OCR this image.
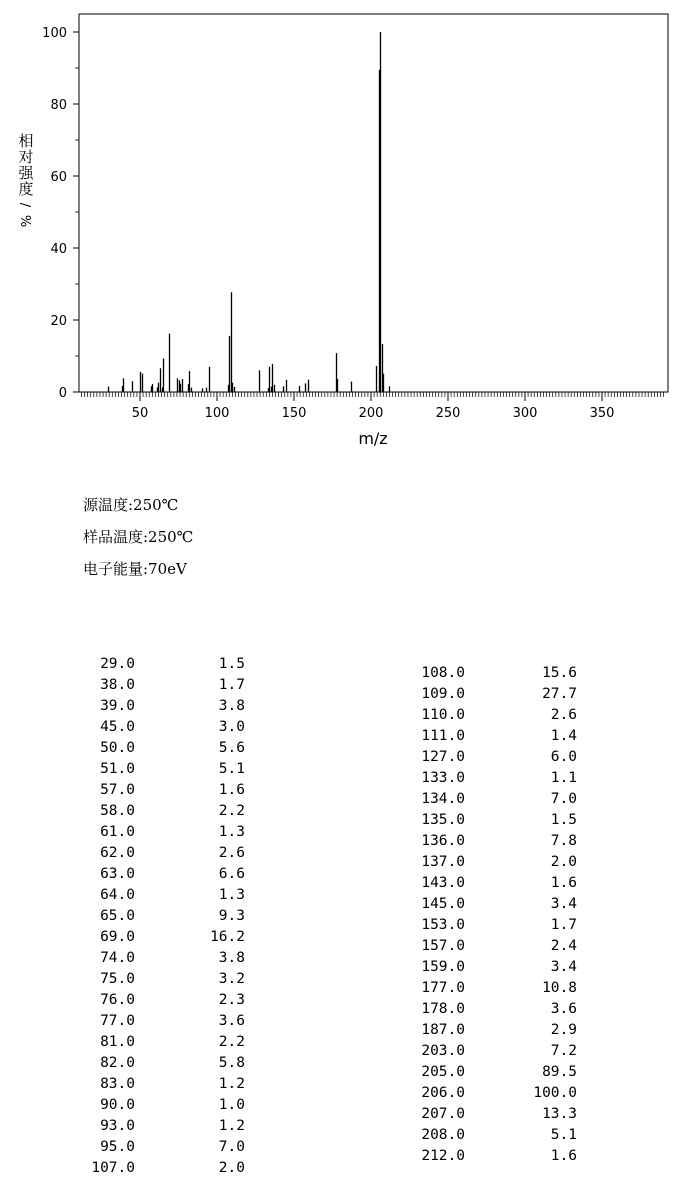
0
20
40
60
80
100
50	100	150	200	250	300	350
m/z
相
对
强
度
/
%
源温度:250℃
样品温度:250℃
电子能量:70eV
29.0	1.5
38.0	1.7
39.0	3.8
45.0	3.0
50.0	5.6
51.0	5.1
57.0	1.6
58.0	2.2
61.0	1.3
62.0	2.6
63.0	6.6
64.0	1.3
65.0	9.3
69.0	16.2
74.0	3.8
75.0	3.2
76.0	2.3
77.0	3.6
81.0	2.2
82.0	5.8
83.0	1.2
90.0	1.0
93.0	1.2
95.0	7.0
107.0	2.0
108.0	15.6
109.0	27.7
110.0	2.6
111.0	1.4
127.0	6.0
133.0	1.1
134.0	7.0
135.0	1.5
136.0	7.8
137.0	2.0
143.0	1.6
145.0	3.4
153.0	1.7
157.0	2.4
159.0	3.4
177.0	10.8
178.0	3.6
187.0	2.9
203.0	7.2
205.0	89.5
206.0	100.0
207.0	13.3
208.0	5.1
212.0	1.6
